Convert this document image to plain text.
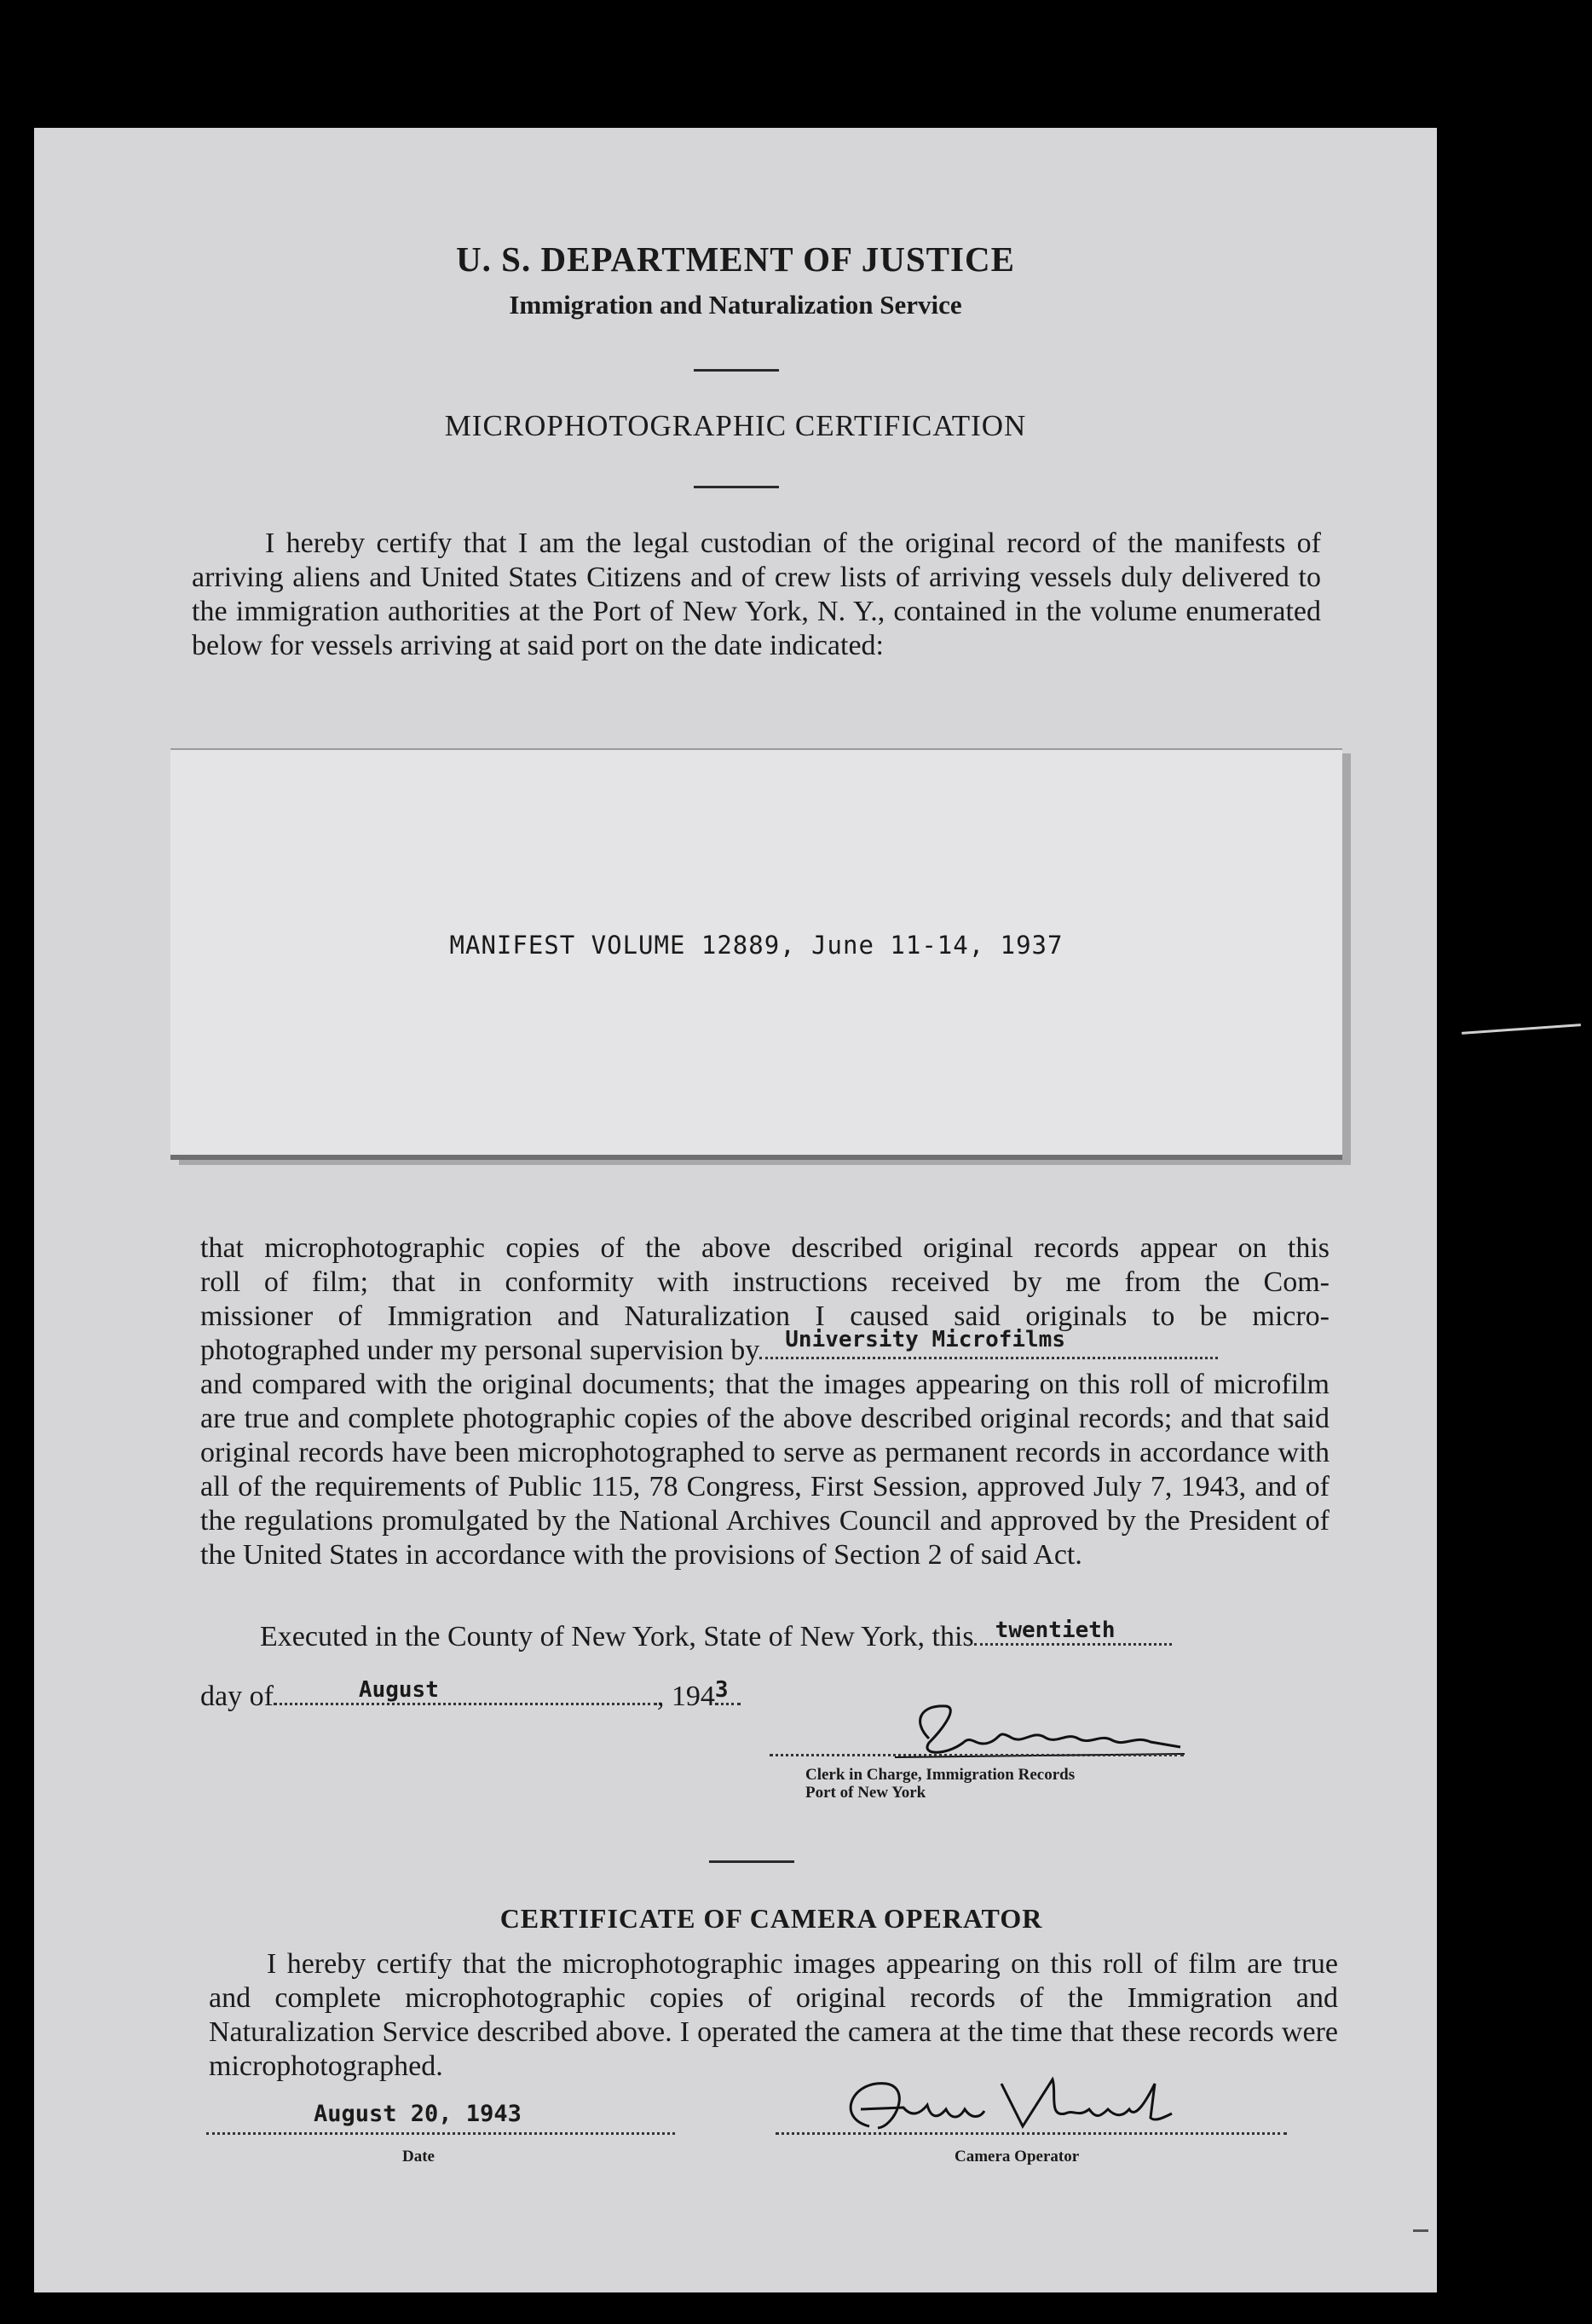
U. S. DEPARTMENT OF JUSTICE
Immigration and Naturalization Service
MICROPHOTOGRAPHIC CERTIFICATION
I hereby certify that I am the legal custodian of the original record of the manifests of arriving aliens and United States Citizens and of crew lists of arriving vessels duly delivered to the immigration authorities at the Port of New York, N. Y., contained in the volume enumerated below for vessels arriving at said port on the date indicated:
MANIFEST VOLUME 12889, June 11-14, 1937
that microphotographic copies of the above described original records appear on this
roll of film; that in conformity with instructions received by me from the Com-
missioner of Immigration and Naturalization I caused said originals to be micro-
photographed under my personal supervision by University Microfilms
and compared with the original documents; that the images appearing on this roll of microfilm are true and complete photographic copies of the above described original records; and that said original records have been microphotographed to serve as permanent records in accordance with all of the requirements of Public 115, 78 Congress, First Session, approved July 7, 1943, and of the regulations promulgated by the National Archives Council and approved by the President of the United States in accordance with the provisions of Section 2 of said Act.
Executed in the County of New York, State of New York, this twentieth
day of	August	, 194 3
Clerk in Charge, Immigration Records
Port of New York
CERTIFICATE OF CAMERA OPERATOR
I hereby certify that the microphotographic images appearing on this roll of film are true and complete microphotographic copies of original records of the Immigration and Naturalization Service described above. I operated the camera at the time that these records were microphotographed.
August 20, 1943
Date	Camera Operator
